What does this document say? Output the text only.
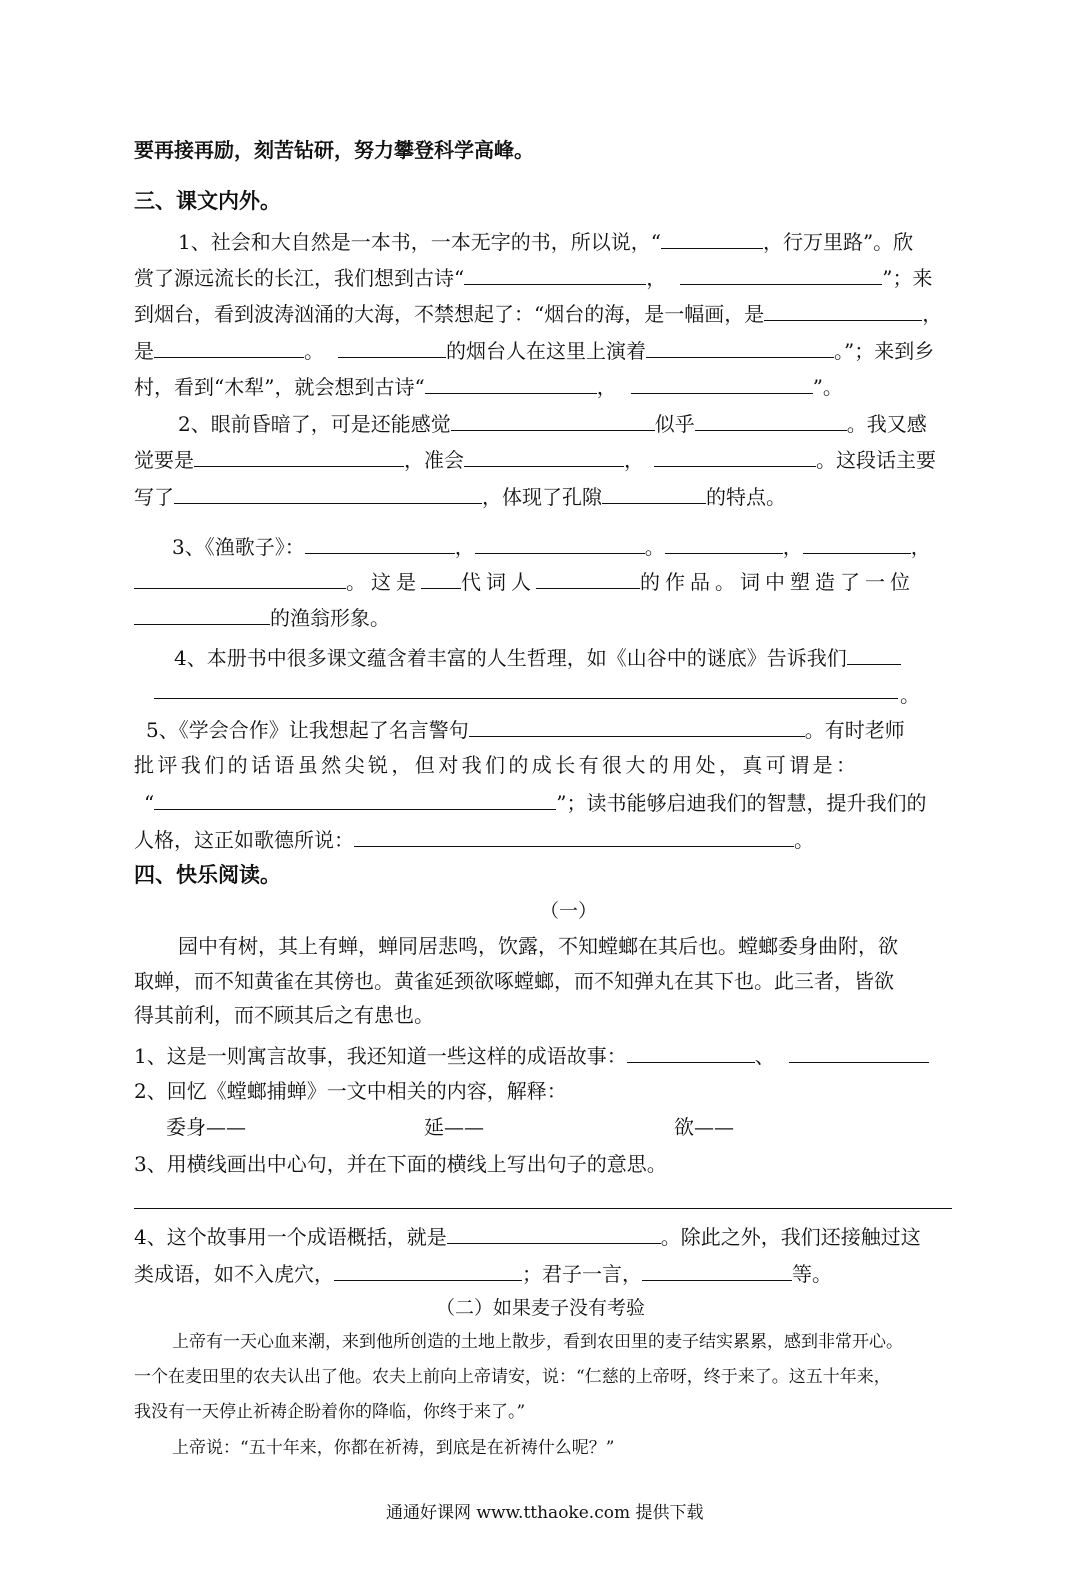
要再接再励，刻苦钻研，努力攀登科学高峰。
三、课文内外。
1、社会和大自然是一本书，一本无字的书，所以说，“	，行万里路”。欣
赏了源远流长的长江，我们想到古诗“	，	”；来
到烟台，看到波涛汹涌的大海，不禁想起了：“烟台的海，是一幅画，是	，
是	。	的烟台人在这里上演着	。”；来到乡
村，看到“木犁”，就会想到古诗“	，	”。
2、眼前昏暗了，可是还能感觉	似乎	。我又感
觉要是	，准会	，	。这段话主要
写了	，体现了孔隙	的特点。
3、《渔歌子》：	，	。	，	，
。这是 代词人	的作品。词中塑造了一位
的渔翁形象。
4、本册书中很多课文蕴含着丰富的人生哲理，如《山谷中的谜底》告诉我们
。
5、《学会合作》让我想起了名言警句	。有时老师
批评我们的话语虽然尖锐，但对我们的成长有很大的用处，真可谓是：
“	”；读书能够启迪我们的智慧，提升我们的
人格，这正如歌德所说：	。
四、快乐阅读。
（一）
园中有树，其上有蝉，蝉同居悲鸣，饮露，不知螳螂在其后也。螳螂委身曲附，欲
取蝉，而不知黄雀在其傍也。黄雀延颈欲啄螳螂，而不知弹丸在其下也。此三者，皆欲
得其前利，而不顾其后之有患也。
1、这是一则寓言故事，我还知道一些这样的成语故事：	、
2、回忆《螳螂捕蝉》一文中相关的内容，解释：
委身——	延——	欲——
3、用横线画出中心句，并在下面的横线上写出句子的意思。
4、这个故事用一个成语概括，就是	。除此之外，我们还接触过这
类成语，如不入虎穴，	；君子一言，	等。
（二）如果麦子没有考验
上帝有一天心血来潮，来到他所创造的土地上散步，看到农田里的麦子结实累累，感到非常开心。
一个在麦田里的农夫认出了他。农夫上前向上帝请安，说：“仁慈的上帝呀，终于来了。这五十年来，
我没有一天停止祈祷企盼着你的降临，你终于来了。”
上帝说：“五十年来，你都在祈祷，到底是在祈祷什么呢？”
通通好课网 www.tthaoke.com 提供下载
